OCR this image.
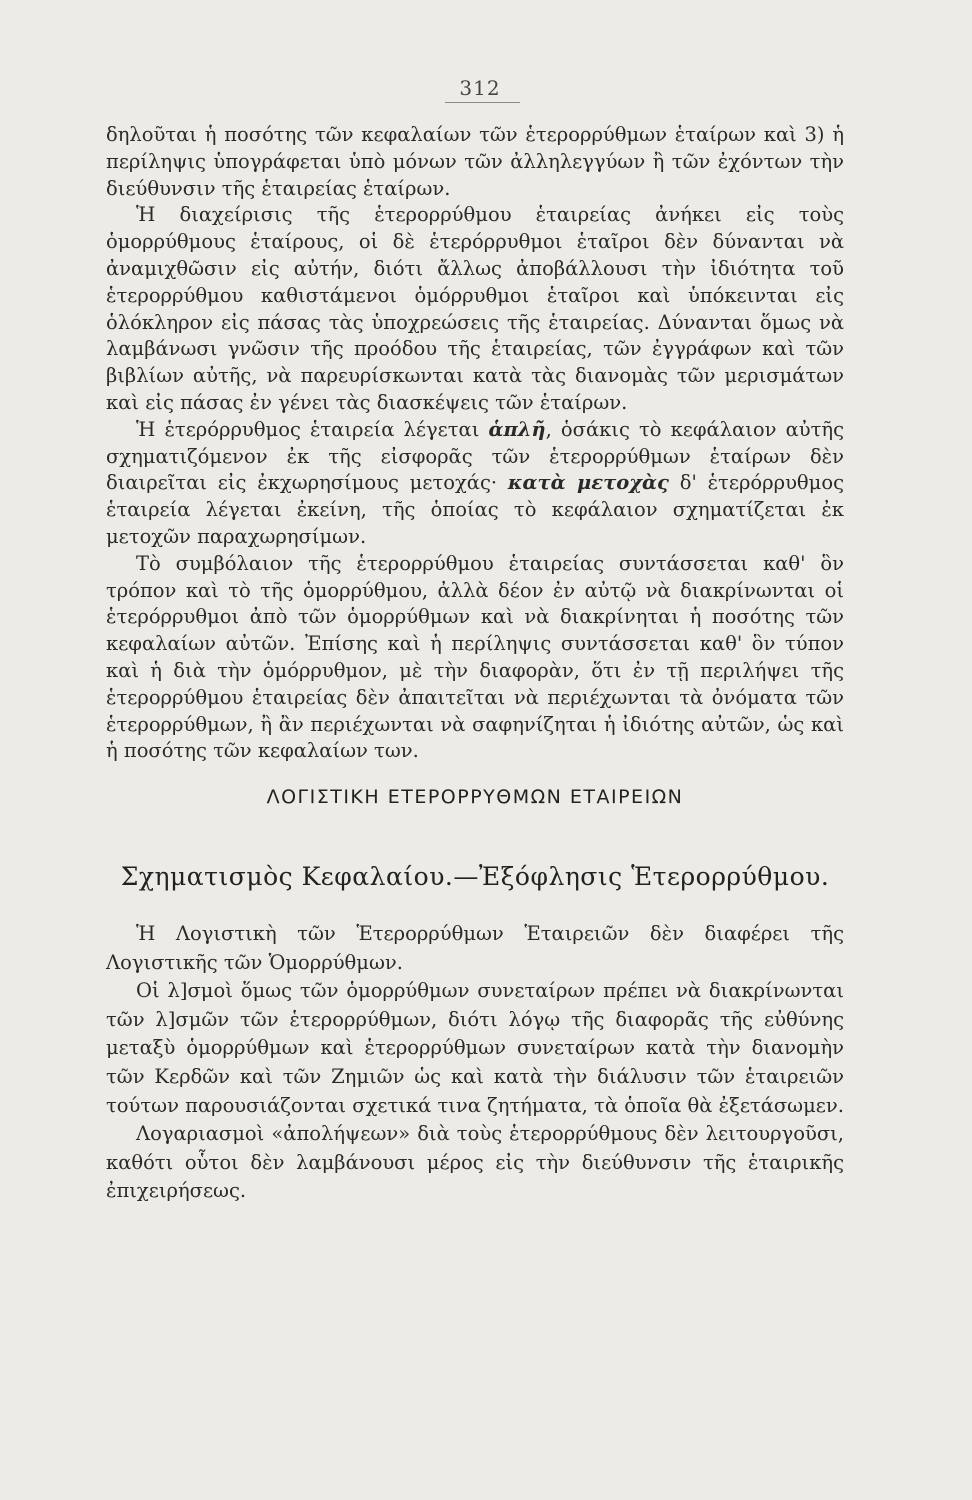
312

δηλοῦται ἡ ποσότης τῶν κεφαλαίων τῶν ἑτερορρύθμων ἑταίρων καὶ 3) ἡ περίληψις ὑπογράφεται ὑπὸ μόνων τῶν ἀλληλεγγύων ἢ τῶν ἐχόντων τὴν διεύθυνσιν τῆς ἑταιρείας ἑταίρων.

Ἡ διαχείρισις τῆς ἑτερορρύθμου ἑταιρείας ἀνήκει εἰς τοὺς ὁμορρύθμους ἑταίρους, οἱ δὲ ἑτερόρρυθμοι ἑταῖροι δὲν δύνανται νὰ ἀναμιχθῶσιν εἰς αὐτήν, διότι ἄλλως ἀποβάλλουσι τὴν ἰδιότητα τοῦ ἑτερορρύθμου καθιστάμενοι ὁμόρρυθμοι ἑταῖροι καὶ ὑπόκεινται εἰς ὁλόκληρον εἰς πάσας τὰς ὑποχρεώσεις τῆς ἑταιρείας. Δύνανται ὅμως νὰ λαμβάνωσι γνῶσιν τῆς προόδου τῆς ἑταιρείας, τῶν ἐγγράφων καὶ τῶν βιβλίων αὐτῆς, νὰ παρευρίσκωνται κατὰ τὰς διανομὰς τῶν μερισμάτων καὶ εἰς πάσας ἐν γένει τὰς διασκέψεις τῶν ἑταίρων.

Ἡ ἑτερόρρυθμος ἑταιρεία λέγεται ἁπλῆ, ὁσάκις τὸ κεφάλαιον αὐτῆς σχηματιζόμενον ἐκ τῆς εἰσφορᾶς τῶν ἑτερορρύθμων ἑταίρων δὲν διαιρεῖται εἰς ἐκχωρησίμους μετοχάς· κατὰ μετοχὰς δ' ἑτερόρρυθμος ἑταιρεία λέγεται ἐκείνη, τῆς ὁποίας τὸ κεφάλαιον σχηματίζεται ἐκ μετοχῶν παραχωρησίμων.

Τὸ συμβόλαιον τῆς ἑτερορρύθμου ἑταιρείας συντάσσεται καθ' ὃν τρόπον καὶ τὸ τῆς ὁμορρύθμου, ἀλλὰ δέον ἐν αὐτῷ νὰ διακρίνωνται οἱ ἑτερόρρυθμοι ἀπὸ τῶν ὁμορρύθμων καὶ νὰ διακρίνηται ἡ ποσότης τῶν κεφαλαίων αὐτῶν. Ἐπίσης καὶ ἡ περίληψις συντάσσεται καθ' ὃν τύπον καὶ ἡ διὰ τὴν ὁμόρρυθμον, μὲ τὴν διαφορὰν, ὅτι ἐν τῇ περιλήψει τῆς ἑτερορρύθμου ἑταιρείας δὲν ἀπαιτεῖται νὰ περιέχωνται τὰ ὀνόματα τῶν ἑτερορρύθμων, ἢ ἂν περιέχωνται νὰ σαφηνίζηται ἡ ἰδιότης αὐτῶν, ὡς καὶ ἡ ποσότης τῶν κεφαλαίων των.

ΛΟΓΙΣΤΙΚΗ ΕΤΕΡΟΡΡΥΘΜΩΝ ΕΤΑΙΡΕΙΩΝ
Σχηματισμὸς Κεφαλαίου.—Ἐξόφλησις Ἑτερορρύθμου.

Ἡ Λογιστικὴ τῶν Ἑτερορρύθμων Ἑταιρειῶν δὲν διαφέρει τῆς Λογιστικῆς τῶν Ὁμορρύθμων.

Οἱ λ]σμοὶ ὅμως τῶν ὁμορρύθμων συνεταίρων πρέπει νὰ διακρίνωνται τῶν λ]σμῶν τῶν ἑτερορρύθμων, διότι λόγῳ τῆς διαφορᾶς τῆς εὐθύνης μεταξὺ ὁμορρύθμων καὶ ἑτερορρύθμων συνεταίρων κατὰ τὴν διανομὴν τῶν Κερδῶν καὶ τῶν Ζημιῶν ὡς καὶ κατὰ τὴν διάλυσιν τῶν ἑταιρειῶν τούτων παρουσιάζονται σχετικά τινα ζητήματα, τὰ ὁποῖα θὰ ἐξετάσωμεν.

Λογαριασμοὶ «ἀπολήψεων» διὰ τοὺς ἑτερορρύθμους δὲν λειτουργοῦσι, καθότι οὗτοι δὲν λαμβάνουσι μέρος εἰς τὴν διεύθυνσιν τῆς ἑταιρικῆς ἐπιχειρήσεως.
